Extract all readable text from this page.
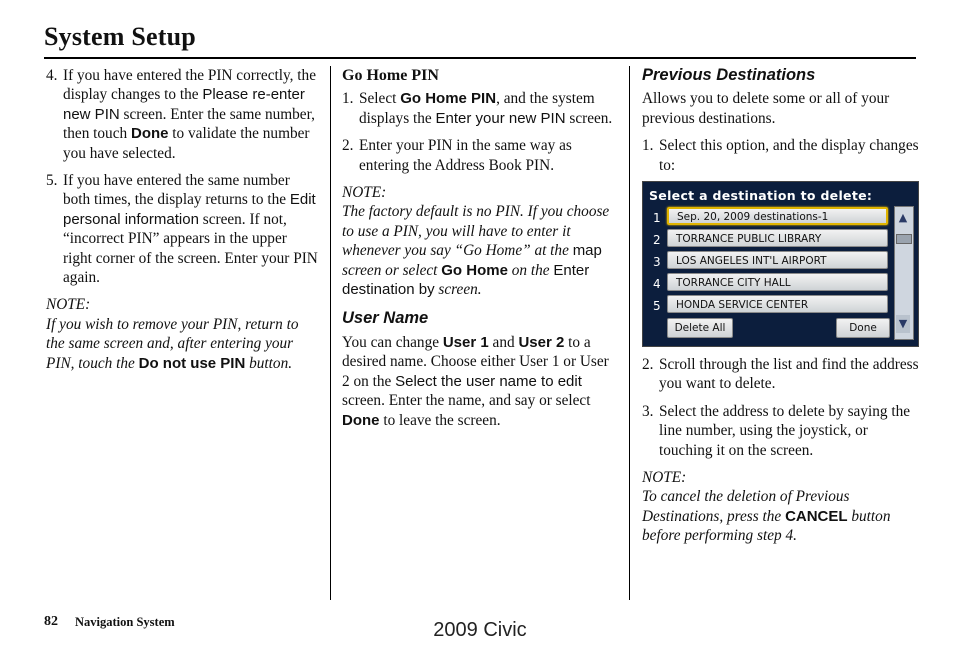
System Setup
4. If you have entered the PIN correctly, the display changes to the Please re-enter new PIN screen. Enter the same number, then touch Done to validate the number you have selected.
5. If you have entered the same number both times, the display returns to the Edit personal information screen. If not, “incorrect PIN” appears in the upper right corner of the screen. Enter your PIN again.
NOTE:
If you wish to remove your PIN, return to the same screen and, after entering your PIN, touch the Do not use PIN button.
Go Home PIN
1. Select Go Home PIN, and the system displays the Enter your new PIN screen.
2. Enter your PIN in the same way as entering the Address Book PIN.
NOTE:
The factory default is no PIN. If you choose to use a PIN, you will have to enter it whenever you say “Go Home” at the map screen or select Go Home on the Enter destination by screen.
User Name

You can change User 1 and User 2 to a desired name. Choose either User 1 or User 2 on the Select the user name to edit screen. Enter the name, and say or select Done to leave the screen.

Previous Destinations

Allows you to delete some or all of your previous destinations.

1. Select this option, and the display changes to:
Select a destination to delete:
1	Sep. 20, 2009 destinations-1
2	TORRANCE PUBLIC LIBRARY
3	LOS ANGELES INT'L AIRPORT
4	TORRANCE CITY HALL
5	HONDA SERVICE CENTER
▲
▼
Delete All	Done
2. Scroll through the list and find the address you want to delete.
3. Select the address to delete by saying the line number, using the joystick, or touching it on the screen.
NOTE:
To cancel the deletion of Previous Destinations, press the CANCEL button before performing step 4.
82 Navigation System	2009 Civic
